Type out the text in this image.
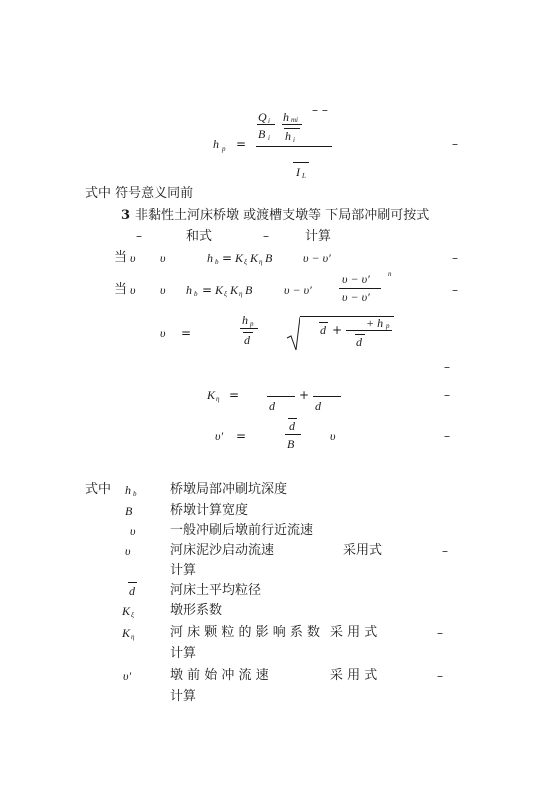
h p =
Q i
B i
h mi
h i
– –
I L
–
式中 符号意义同前
3 非黏性土河床桥墩 或渡槽支墩等 下局部冲刷可按式
–	和式	–	计算
当 υ υ	h b = K ξ K η B	υ − υ′	–
当 υ υ h b = K ξ K η B	υ − υ′
υ − υ′
υ − υ′
n
–
υ =
h p
d
d + + h p
d
–
K η =
d
+
d
–
υ′ =
d
B
υ	–
式中 h b	桥墩局部冲刷坑深度
B	桥墩计算宽度
υ	一般冲刷后墩前行近流速
υ	河床泥沙启动流速	采用式	–
计算
d	河床土平均粒径
K ξ	墩形系数
K η	河 床 颗 粒 的 影 响 系 数 采 用 式	–
计算
υ′	墩 前 始 冲 流 速	采 用 式	–
计算
